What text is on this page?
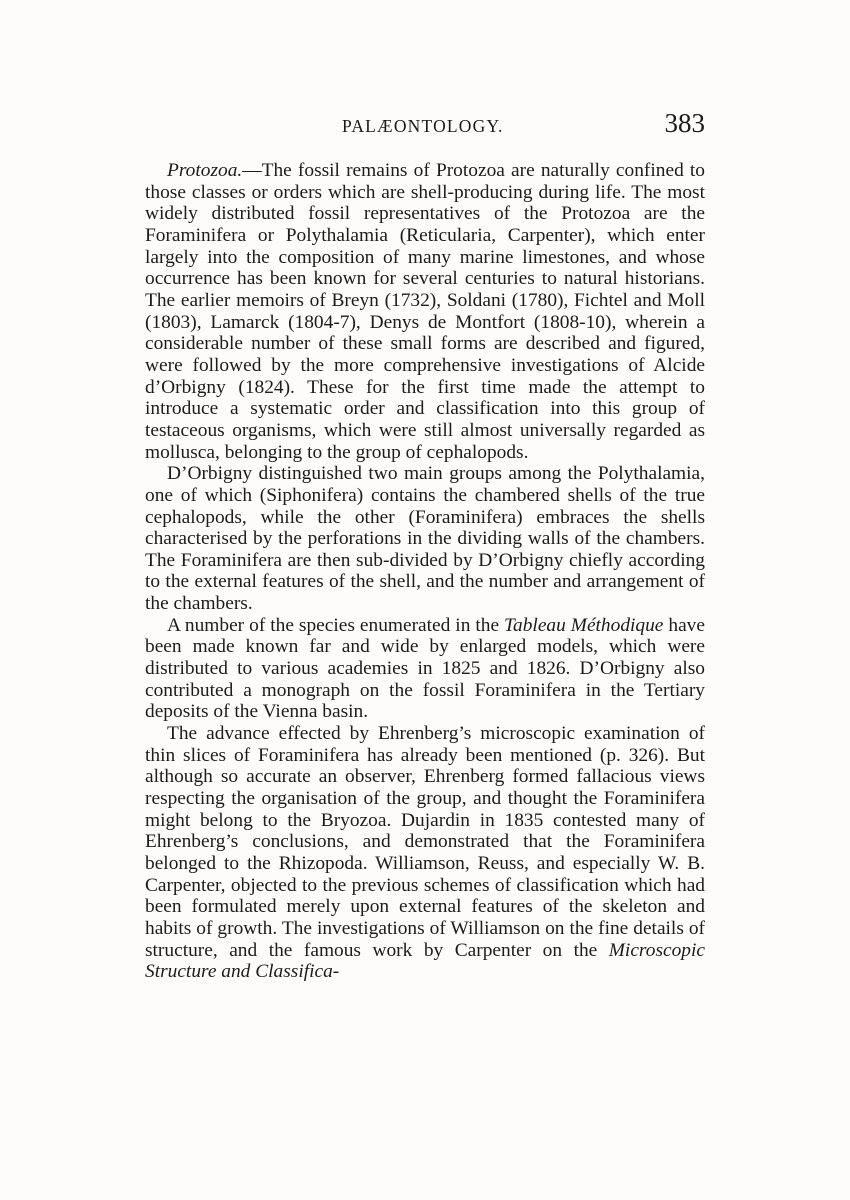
PALÆONTOLOGY.	383

Protozoa.—The fossil remains of Protozoa are naturally confined to those classes or orders which are shell-producing during life. The most widely distributed fossil representatives of the Protozoa are the Foraminifera or Polythalamia (Reticularia, Carpenter), which enter largely into the composition of many marine limestones, and whose occurrence has been known for several centuries to natural historians. The earlier memoirs of Breyn (1732), Soldani (1780), Fichtel and Moll (1803), Lamarck (1804-7), Denys de Montfort (1808-10), wherein a considerable number of these small forms are described and figured, were followed by the more comprehensive investigations of Alcide d’Orbigny (1824). These for the first time made the attempt to introduce a systematic order and classification into this group of testaceous organisms, which were still almost universally regarded as mollusca, belonging to the group of cephalopods.

D’Orbigny distinguished two main groups among the Polythalamia, one of which (Siphonifera) contains the chambered shells of the true cephalopods, while the other (Foraminifera) embraces the shells characterised by the perforations in the dividing walls of the chambers. The Foraminifera are then sub-divided by D’Orbigny chiefly according to the external features of the shell, and the number and arrangement of the chambers.

A number of the species enumerated in the Tableau Méthodique have been made known far and wide by enlarged models, which were distributed to various academies in 1825 and 1826. D’Orbigny also contributed a monograph on the fossil Foraminifera in the Tertiary deposits of the Vienna basin.

The advance effected by Ehrenberg’s microscopic examination of thin slices of Foraminifera has already been mentioned (p. 326). But although so accurate an observer, Ehrenberg formed fallacious views respecting the organisation of the group, and thought the Foraminifera might belong to the Bryozoa. Dujardin in 1835 contested many of Ehrenberg’s conclusions, and demonstrated that the Foraminifera belonged to the Rhizopoda. Williamson, Reuss, and especially W. B. Carpenter, objected to the previous schemes of classification which had been formulated merely upon external features of the skeleton and habits of growth. The investigations of Williamson on the fine details of structure, and the famous work by Carpenter on the Microscopic Structure and Classifica-
